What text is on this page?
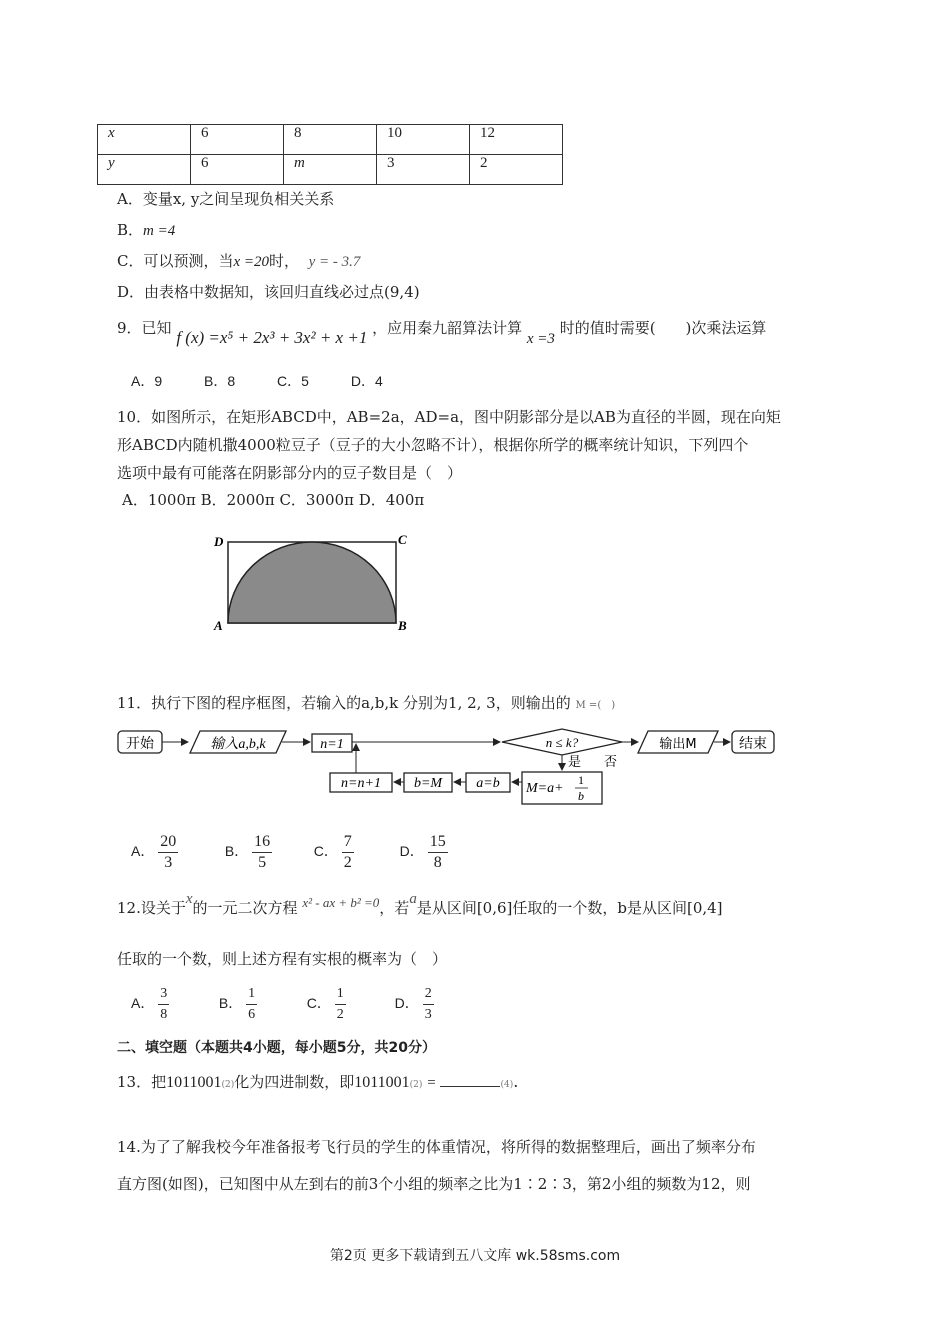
x	6	8	10	12
y	6	m	3	2
A．变量x, y之间呈现负相关关系
B．m =4
C．可以预测，当x =20时， y = - 3.7
D．由表格中数据知，该回归直线必过点(9,4)
9．已知 f (x) =x⁵ + 2x³ + 3x² + x +1 ，应用秦九韶算法计算 x =3 时的值时需要(　　)次乘法运算
A．9	B．8	C．5	D．4
10．如图所示，在矩形ABCD中，AB=2a，AD=a，图中阴影部分是以AB为直径的半圆，现在向矩
形ABCD内随机撒4000粒豆子（豆子的大小忽略不计），根据你所学的概率统计知识，下列四个
选项中最有可能落在阴影部分内的豆子数目是（　）
A．1000π B．2000π C．3000π D．400π
D	C
A	B
11．执行下图的程序框图，若输入的a,b,k 分别为1, 2, 3，则输出的 M =(　)
开始	输入a,b,k	n=1	n ≤ k?
否
输出M	结束
是
M=a+
1
b
a=b
b=M
n=n+1
A． $\frac{20}{3}$	B． $\frac{16}{5}$	C． $\frac{7}{2}$	D． $\frac{15}{8}$
12.设关于x的一元二次方程 x² - ax + b² =0，若a是从区间[0,6]任取的一个数，b是从区间[0,4]
任取的一个数，则上述方程有实根的概率为（　）
A． $\frac{3}{8}$	B． $\frac{1}{6}$	C． $\frac{1}{2}$	D． $\frac{2}{3}$
二、填空题（本题共4小题，每小题5分，共20分）
13．把1011001(2)化为四进制数，即1011001(2) =	(4).
14.为了了解我校今年准备报考飞行员的学生的体重情况，将所得的数据整理后，画出了频率分布
直方图(如图)，已知图中从左到右的前3个小组的频率之比为1∶2∶3，第2小组的频数为12，则
第2页 更多下载请到五八文库 wk.58sms.com
